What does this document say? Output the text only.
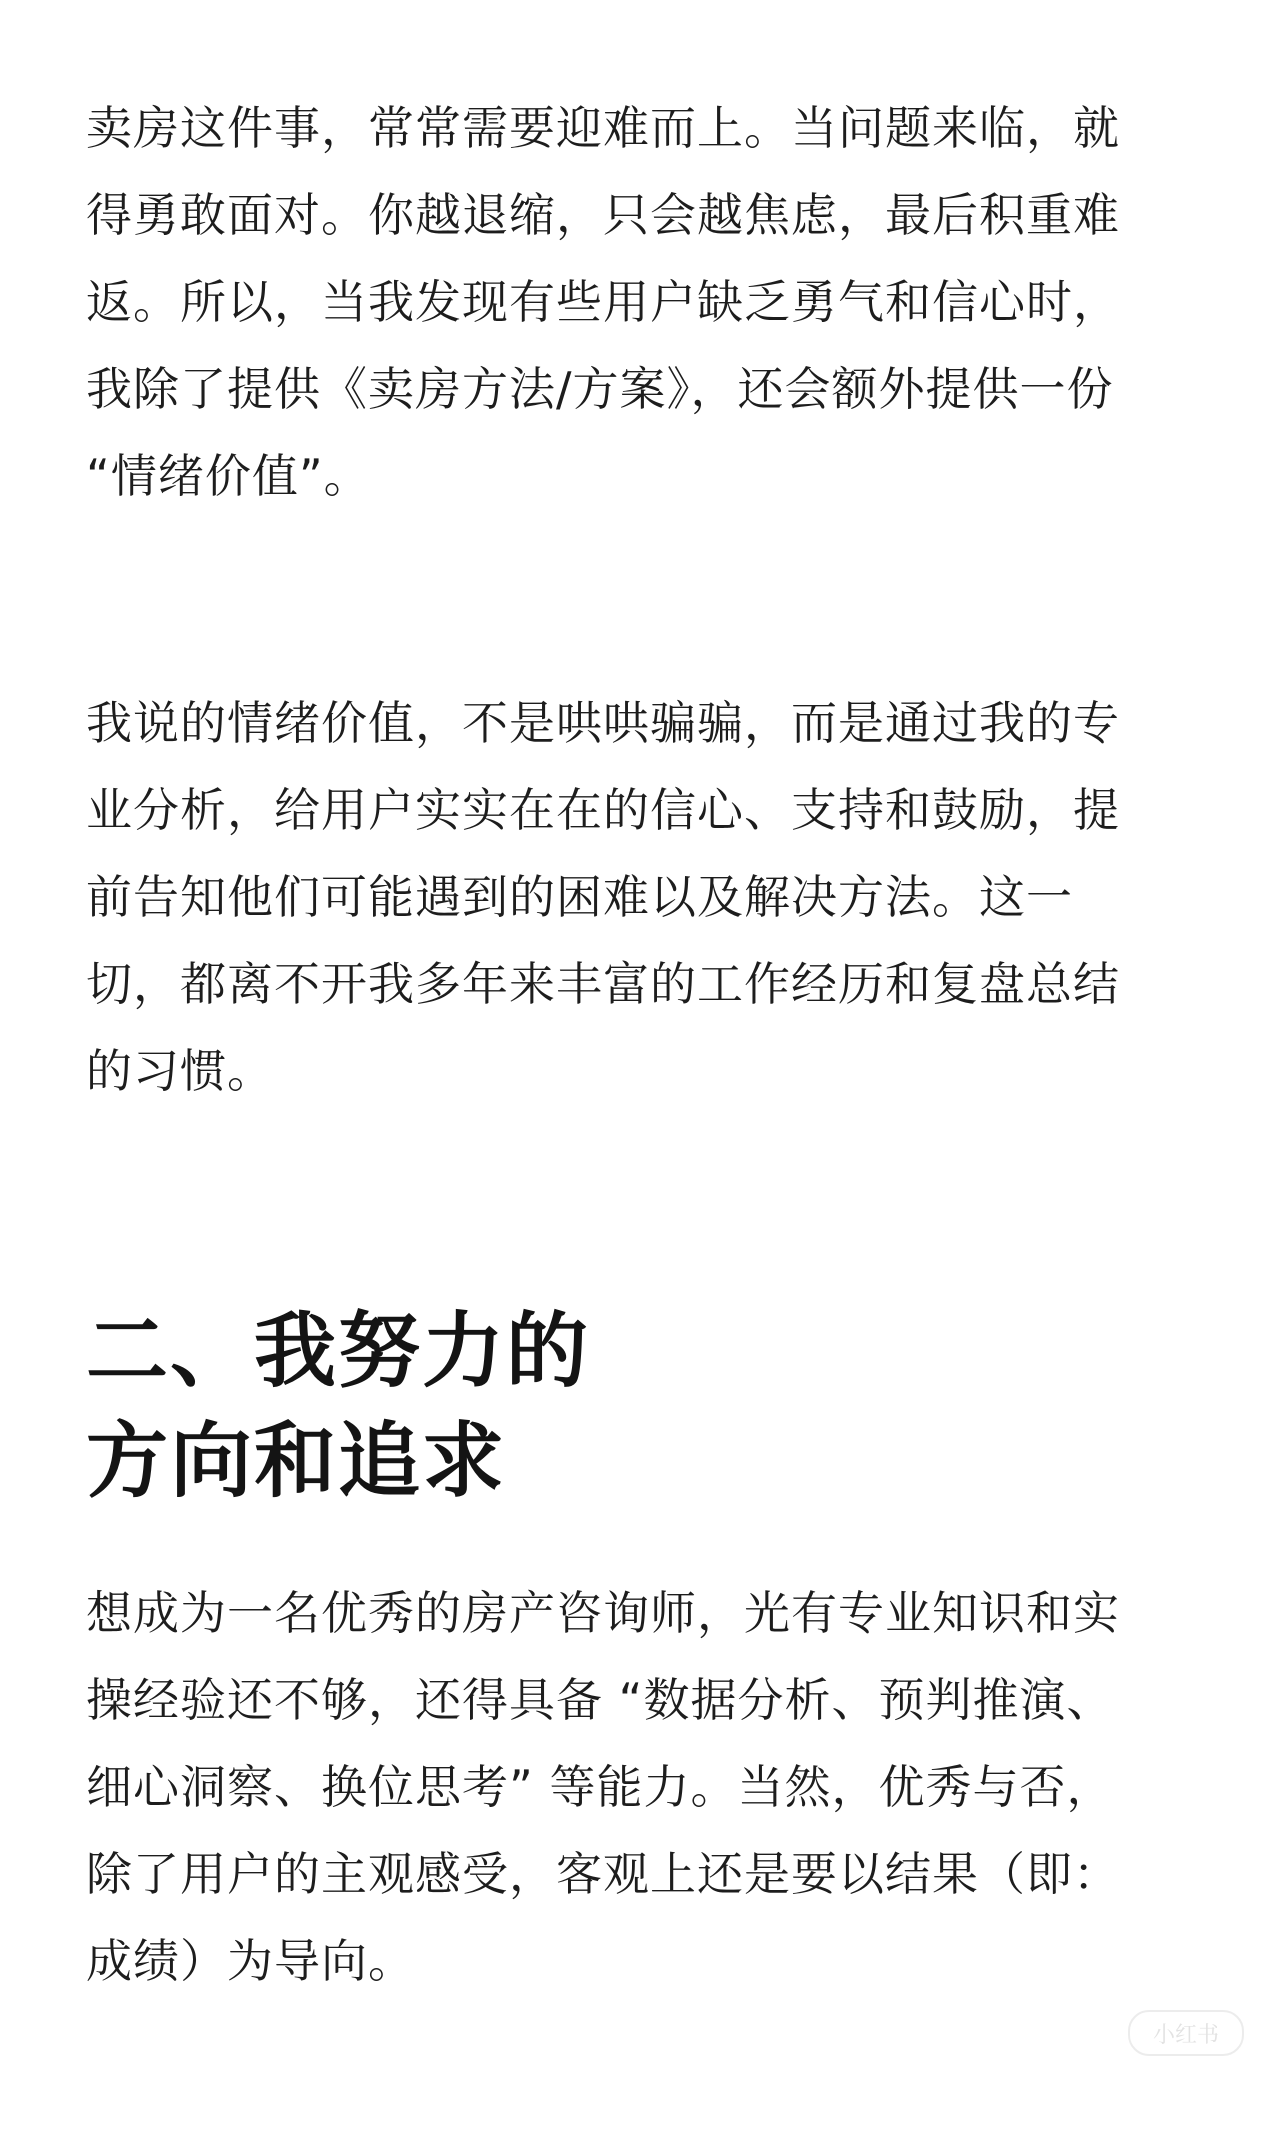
卖房这件事，常常需要迎难而上。当问题来临，就
得勇敢面对。你越退缩，只会越焦虑，最后积重难
返。所以，当我发现有些用户缺乏勇气和信心时，
我除了提供《卖房方法/方案》，还会额外提供一份
“情绪价值”。

我说的情绪价值，不是哄哄骗骗，而是通过我的专
业分析，给用户实实在在的信心、支持和鼓励，提
前告知他们可能遇到的困难以及解决方法。这一
切，都离不开我多年来丰富的工作经历和复盘总结
的习惯。

二、我努力的
方向和追求

想成为一名优秀的房产咨询师，光有专业知识和实
操经验还不够，还得具备 “数据分析、预判推演、
细心洞察、换位思考” 等能力。当然，优秀与否，
除了用户的主观感受，客观上还是要以结果（即：
成绩）为导向。

小红书
